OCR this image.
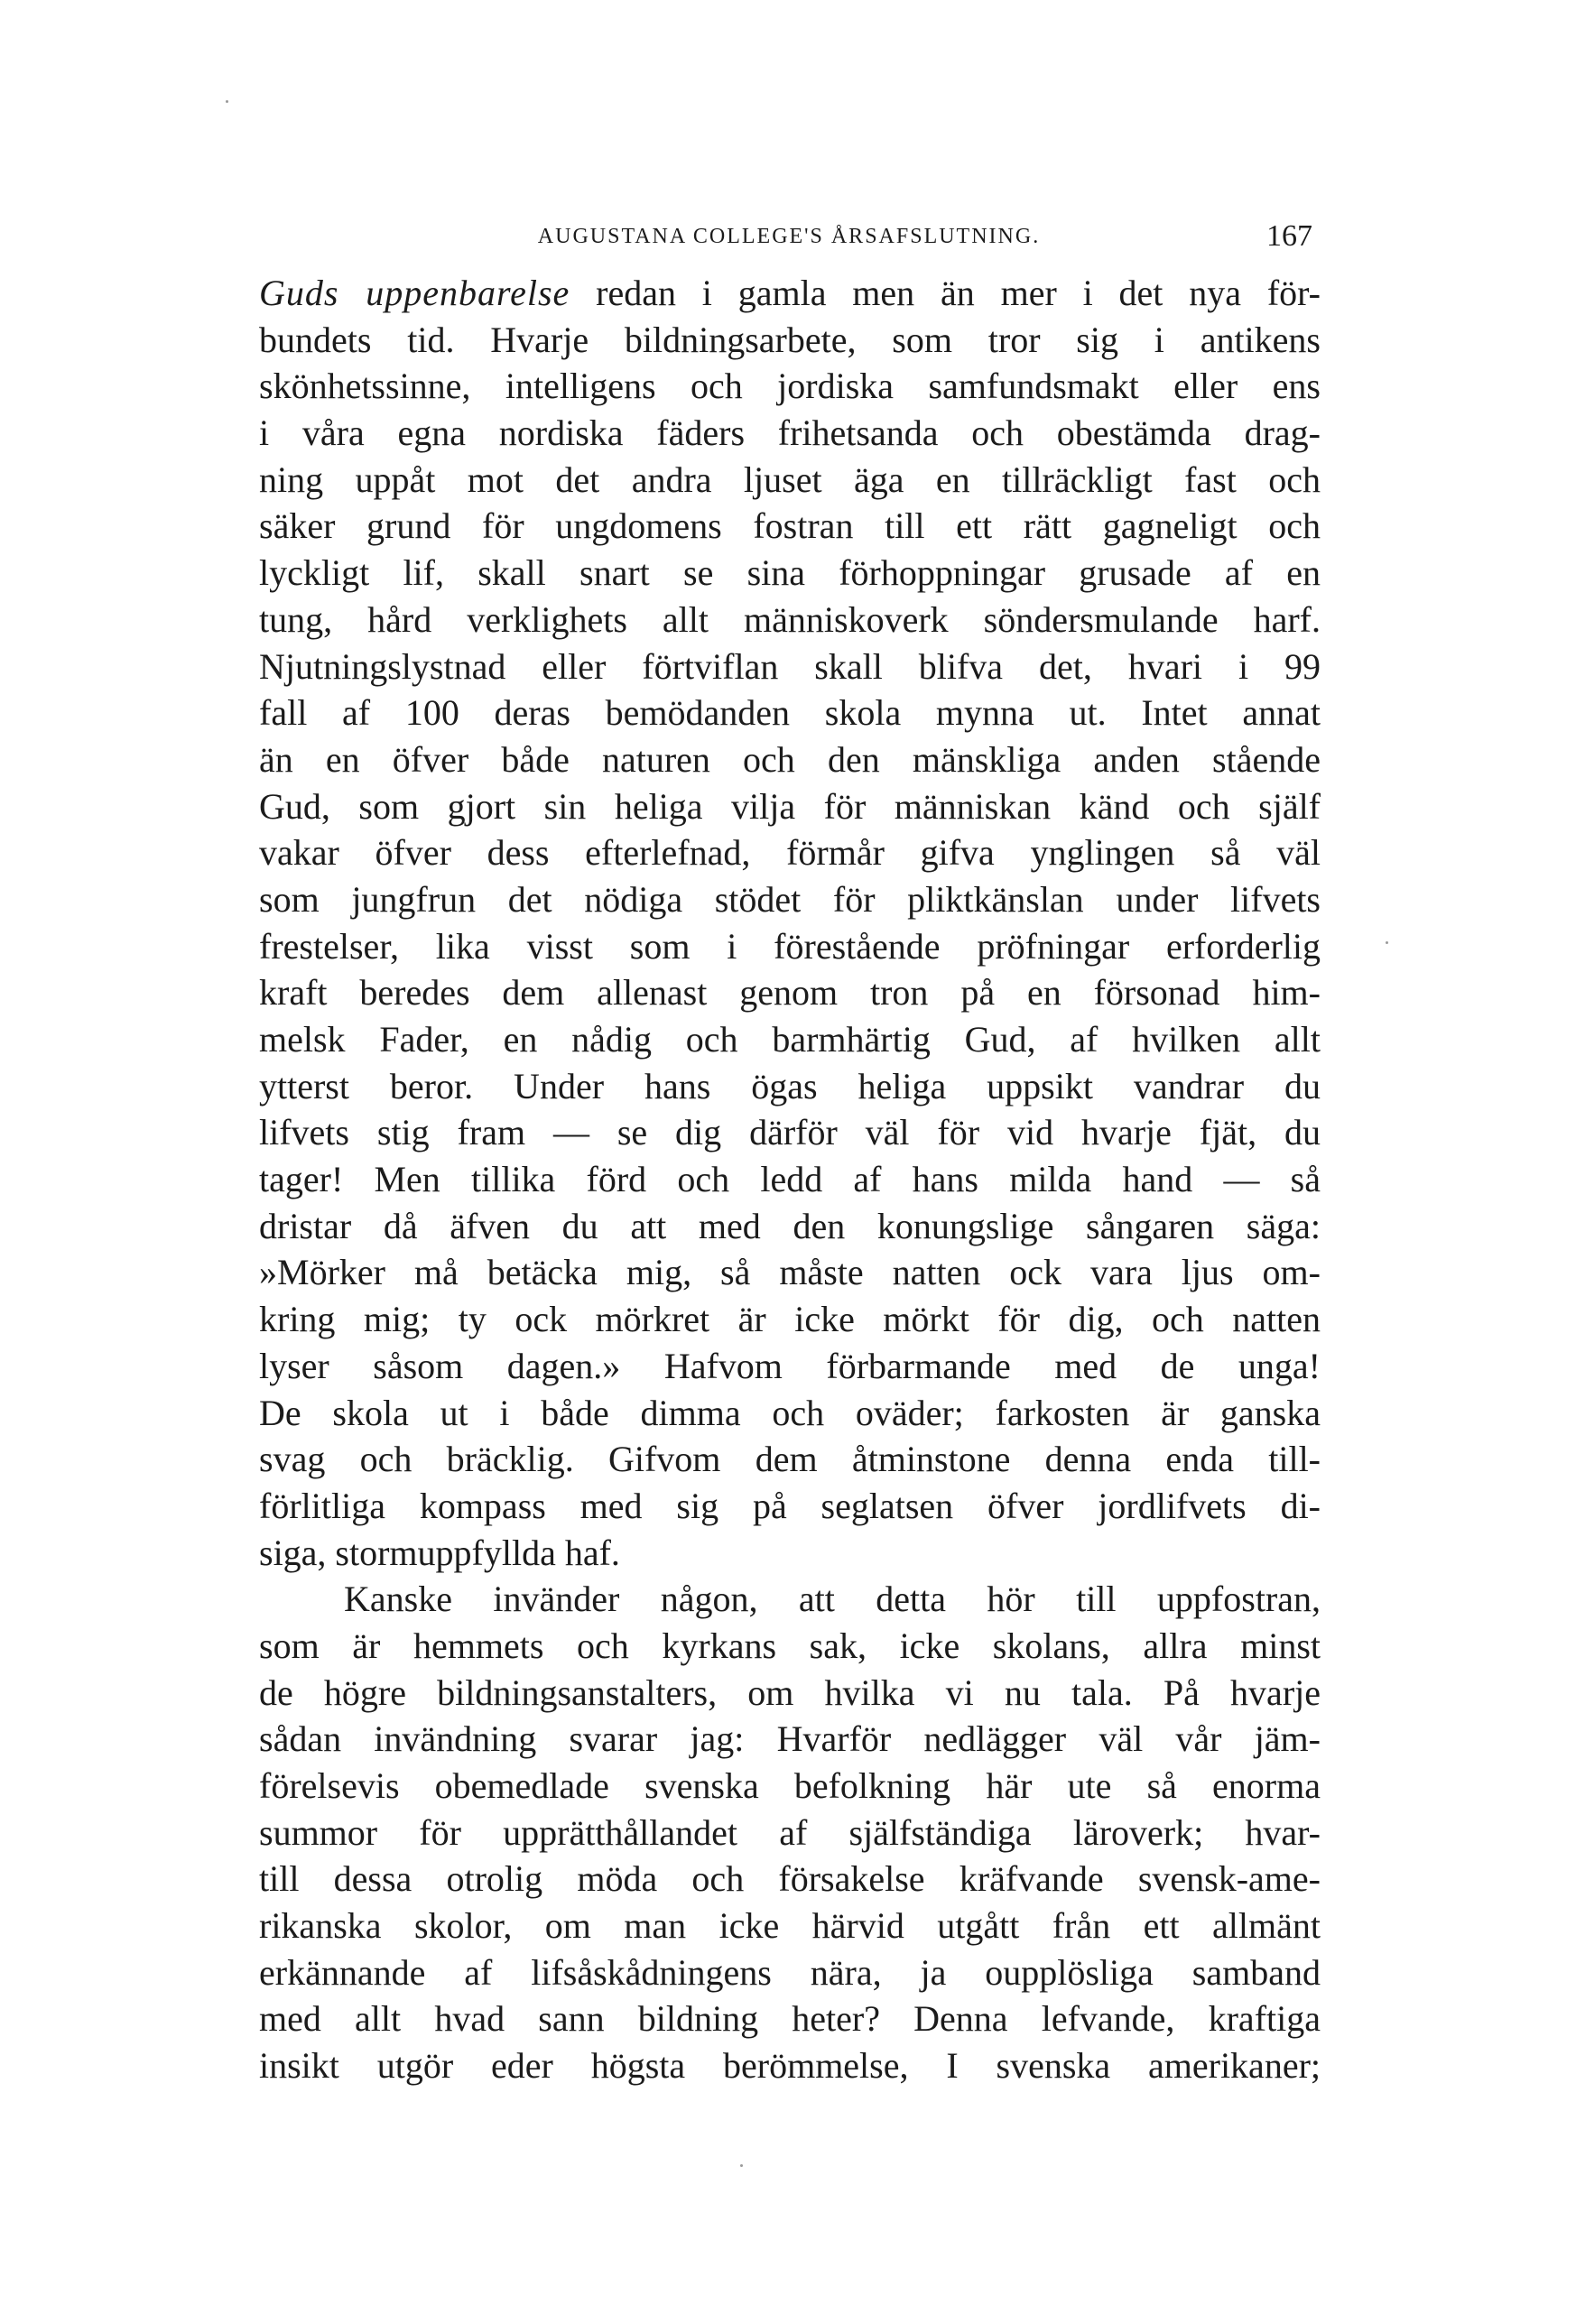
AUGUSTANA COLLEGE'S ÅRSAFSLUTNING.	167
Guds uppenbarelse redan i gamla men än mer i det nya för-
bundets tid. Hvarje bildningsarbete, som tror sig i antikens
skönhetssinne, intelligens och jordiska samfundsmakt eller ens
i våra egna nordiska fäders frihetsanda och obestämda drag-
ning uppåt mot det andra ljuset äga en tillräckligt fast och
säker grund för ungdomens fostran till ett rätt gagneligt och
lyckligt lif, skall snart se sina förhoppningar grusade af en
tung, hård verklighets allt människoverk söndersmulande harf.
Njutningslystnad eller förtviflan skall blifva det, hvari i 99
fall af 100 deras bemödanden skola mynna ut. Intet annat
än en öfver både naturen och den mänskliga anden stående
Gud, som gjort sin heliga vilja för människan känd och själf
vakar öfver dess efterlefnad, förmår gifva ynglingen så väl
som jungfrun det nödiga stödet för pliktkänslan under lifvets
frestelser, lika visst som i förestående pröfningar erforderlig
kraft beredes dem allenast genom tron på en försonad him-
melsk Fader, en nådig och barmhärtig Gud, af hvilken allt
ytterst beror. Under hans ögas heliga uppsikt vandrar du
lifvets stig fram — se dig därför väl för vid hvarje fjät, du
tager! Men tillika förd och ledd af hans milda hand — så
dristar då äfven du att med den konungslige sångaren säga:
»Mörker må betäcka mig, så måste natten ock vara ljus om-
kring mig; ty ock mörkret är icke mörkt för dig, och natten
lyser såsom dagen.» Hafvom förbarmande med de unga!
De skola ut i både dimma och oväder; farkosten är ganska
svag och bräcklig. Gifvom dem åtminstone denna enda till-
förlitliga kompass med sig på seglatsen öfver jordlifvets di-
siga, stormuppfyllda haf.
Kanske invänder någon, att detta hör till uppfostran,
som är hemmets och kyrkans sak, icke skolans, allra minst
de högre bildningsanstalters, om hvilka vi nu tala. På hvarje
sådan invändning svarar jag: Hvarför nedlägger väl vår jäm-
förelsevis obemedlade svenska befolkning här ute så enorma
summor för upprätthållandet af själfständiga läroverk; hvar-
till dessa otrolig möda och försakelse kräfvande svensk-ame-
rikanska skolor, om man icke härvid utgått från ett allmänt
erkännande af lifsåskådningens nära, ja oupplösliga samband
med allt hvad sann bildning heter? Denna lefvande, kraftiga
insikt utgör eder högsta berömmelse, I svenska amerikaner;
